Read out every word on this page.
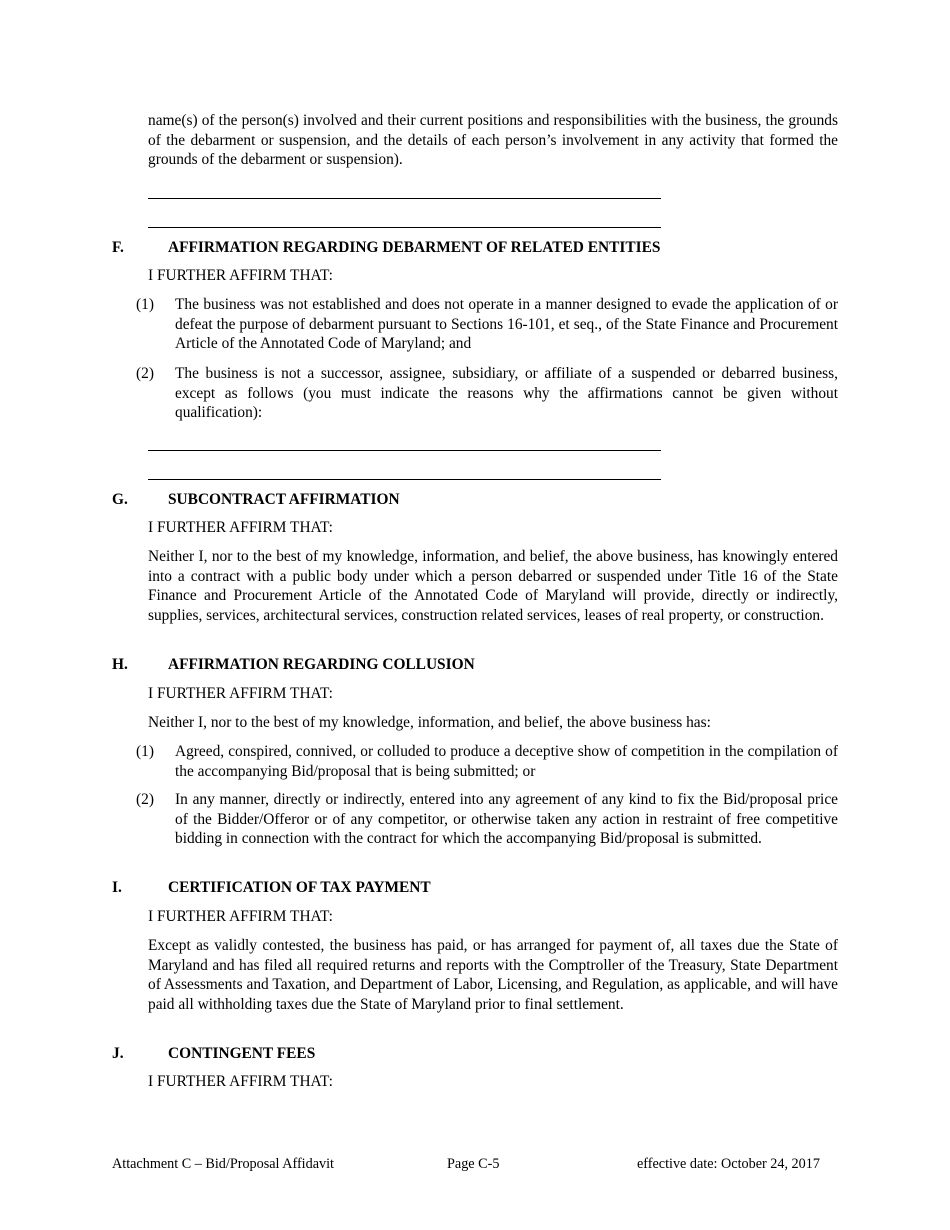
name(s) of the person(s) involved and their current positions and responsibilities with the business, the grounds of the debarment or suspension, and the details of each person’s involvement in any activity that formed the grounds of the debarment or suspension).

F.	AFFIRMATION REGARDING DEBARMENT OF RELATED ENTITIES

I FURTHER AFFIRM THAT:

(1) The business was not established and does not operate in a manner designed to evade the application of or defeat the purpose of debarment pursuant to Sections 16-101, et seq., of the State Finance and Procurement Article of the Annotated Code of Maryland; and
(2) The business is not a successor, assignee, subsidiary, or affiliate of a suspended or debarred business, except as follows (you must indicate the reasons why the affirmations cannot be given without qualification):
G.	SUBCONTRACT AFFIRMATION

I FURTHER AFFIRM THAT:

Neither I, nor to the best of my knowledge, information, and belief, the above business, has knowingly entered into a contract with a public body under which a person debarred or suspended under Title 16 of the State Finance and Procurement Article of the Annotated Code of Maryland will provide, directly or indirectly, supplies, services, architectural services, construction related services, leases of real property, or construction.

H.	AFFIRMATION REGARDING COLLUSION

I FURTHER AFFIRM THAT:

Neither I, nor to the best of my knowledge, information, and belief, the above business has:

(1) Agreed, conspired, connived, or colluded to produce a deceptive show of competition in the compilation of the accompanying Bid/proposal that is being submitted; or
(2) In any manner, directly or indirectly, entered into any agreement of any kind to fix the Bid/proposal price of the Bidder/Offeror or of any competitor, or otherwise taken any action in restraint of free competitive bidding in connection with the contract for which the accompanying Bid/proposal is submitted.
I.	CERTIFICATION OF TAX PAYMENT

I FURTHER AFFIRM THAT:

Except as validly contested, the business has paid, or has arranged for payment of, all taxes due the State of Maryland and has filed all required returns and reports with the Comptroller of the Treasury, State Department of Assessments and Taxation, and Department of Labor, Licensing, and Regulation, as applicable, and will have paid all withholding taxes due the State of Maryland prior to final settlement.

J.	CONTINGENT FEES

I FURTHER AFFIRM THAT:

Attachment C – Bid/Proposal Affidavit	Page C-5	effective date: October 24, 2017
